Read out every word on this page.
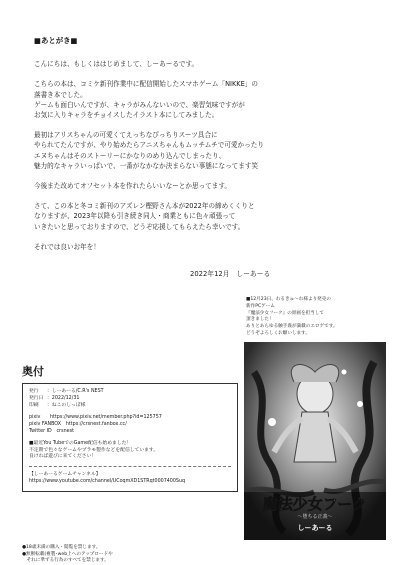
■あとがき■
こんにちは、もしくははじめまして、しーあーるです。
こちらの本は、コミケ新刊作業中に配信開始したスマホゲーム「NIKKE」の
落書き本でした。
ゲームも面白いんですが、キャラがみんないいので、楽習気味ですがが
お気に入りキャラをチョイスしたイラスト本にしてみました。
最初はアリスちゃんの可愛くてえっちなぴっちりスーツ具合に
やられてたんですが、やり始めたらアニスちゃんもムッチムチで可愛かったり
エヌちゃんはそのストーリーにかなりのめり込んでしまったり、
魅力的なキャラいっぱいで、一番がなかなか決まらない事態になってます笑
今後また改めてオフセット本を作れたらいいなーとか思ってます。
さて、この本と冬コミ新刊のアズレン樫野さん本が2022年の締めくくりと
なりますが、2023年以降も引き続き同人・商業ともに色々頑張って
いきたいと思っておりますので、どうぞ応援してもらえたら幸いです。
それでは良いお年を！
2022年12月　しーあーる
■12月23日、わるきゅ～れ様より発売の
新作PCゲーム
『魔法少女フーク』の原画を担当して
頂きました！
ありとあらゆる触手姦が満載のエロゲです。
どうぞよろしくお願いします。
魔法少女フーク
～堕ちる正義～
しーあーる
奥付
発行	：しーあーる/C.R's NEST
発行日 ：2022/12/31
印刷	：ねこのしっぽ様
pixiv　　https://www.pixiv.net/member.php?id=125757
pixiv FANBOX　https://crsnest.fanbox.cc/
Twitter ID　crsnest
■最近You TubeでのGame配信も始めました！
不定期で色々なゲームやプラモ製作などを配信しています。
良ければ遊びに来てください！
【しーあーるゲームチャンネル】
https://www.youtube.com/channel/UCoqmXD1STRqt0007400Suq
●18歳未満の購入・閲覧を禁じます。
●無断転載(複製･web上へのアップロードや
　それに準ずる行為のすべてを禁じます。
